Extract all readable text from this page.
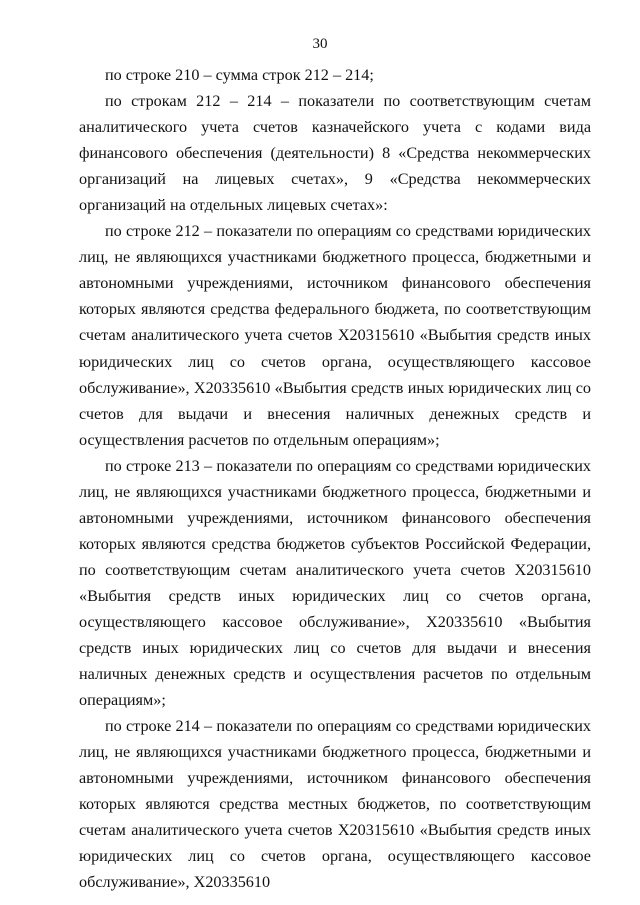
30

по строке 210 – сумма строк 212 – 214;

по строкам 212 – 214 – показатели по соответствующим счетам аналитического учета счетов казначейского учета с кодами вида финансового обеспечения (деятельности) 8 «Средства некоммерческих организаций на лицевых счетах», 9 «Средства некоммерческих организаций на отдельных лицевых счетах»:

по строке 212 – показатели по операциям со средствами юридических лиц, не являющихся участниками бюджетного процесса, бюджетными и автономными учреждениями, источником финансового обеспечения которых являются средства федерального бюджета, по соответствующим счетам аналитического учета счетов X20315610 «Выбытия средств иных юридических лиц со счетов органа, осуществляющего кассовое обслуживание», X20335610 «Выбытия средств иных юридических лиц со счетов для выдачи и внесения наличных денежных средств и осуществления расчетов по отдельным операциям»;

по строке 213 – показатели по операциям со средствами юридических лиц, не являющихся участниками бюджетного процесса, бюджетными и автономными учреждениями, источником финансового обеспечения которых являются средства бюджетов субъектов Российской Федерации, по соответствующим счетам аналитического учета счетов X20315610 «Выбытия средств иных юридических лиц со счетов органа, осуществляющего кассовое обслуживание», X20335610 «Выбытия средств иных юридических лиц со счетов для выдачи и внесения наличных денежных средств и осуществления расчетов по отдельным операциям»;

по строке 214 – показатели по операциям со средствами юридических лиц, не являющихся участниками бюджетного процесса, бюджетными и автономными учреждениями, источником финансового обеспечения которых являются средства местных бюджетов, по соответствующим счетам аналитического учета счетов X20315610 «Выбытия средств иных юридических лиц со счетов органа, осуществляющего кассовое обслуживание», X20335610
